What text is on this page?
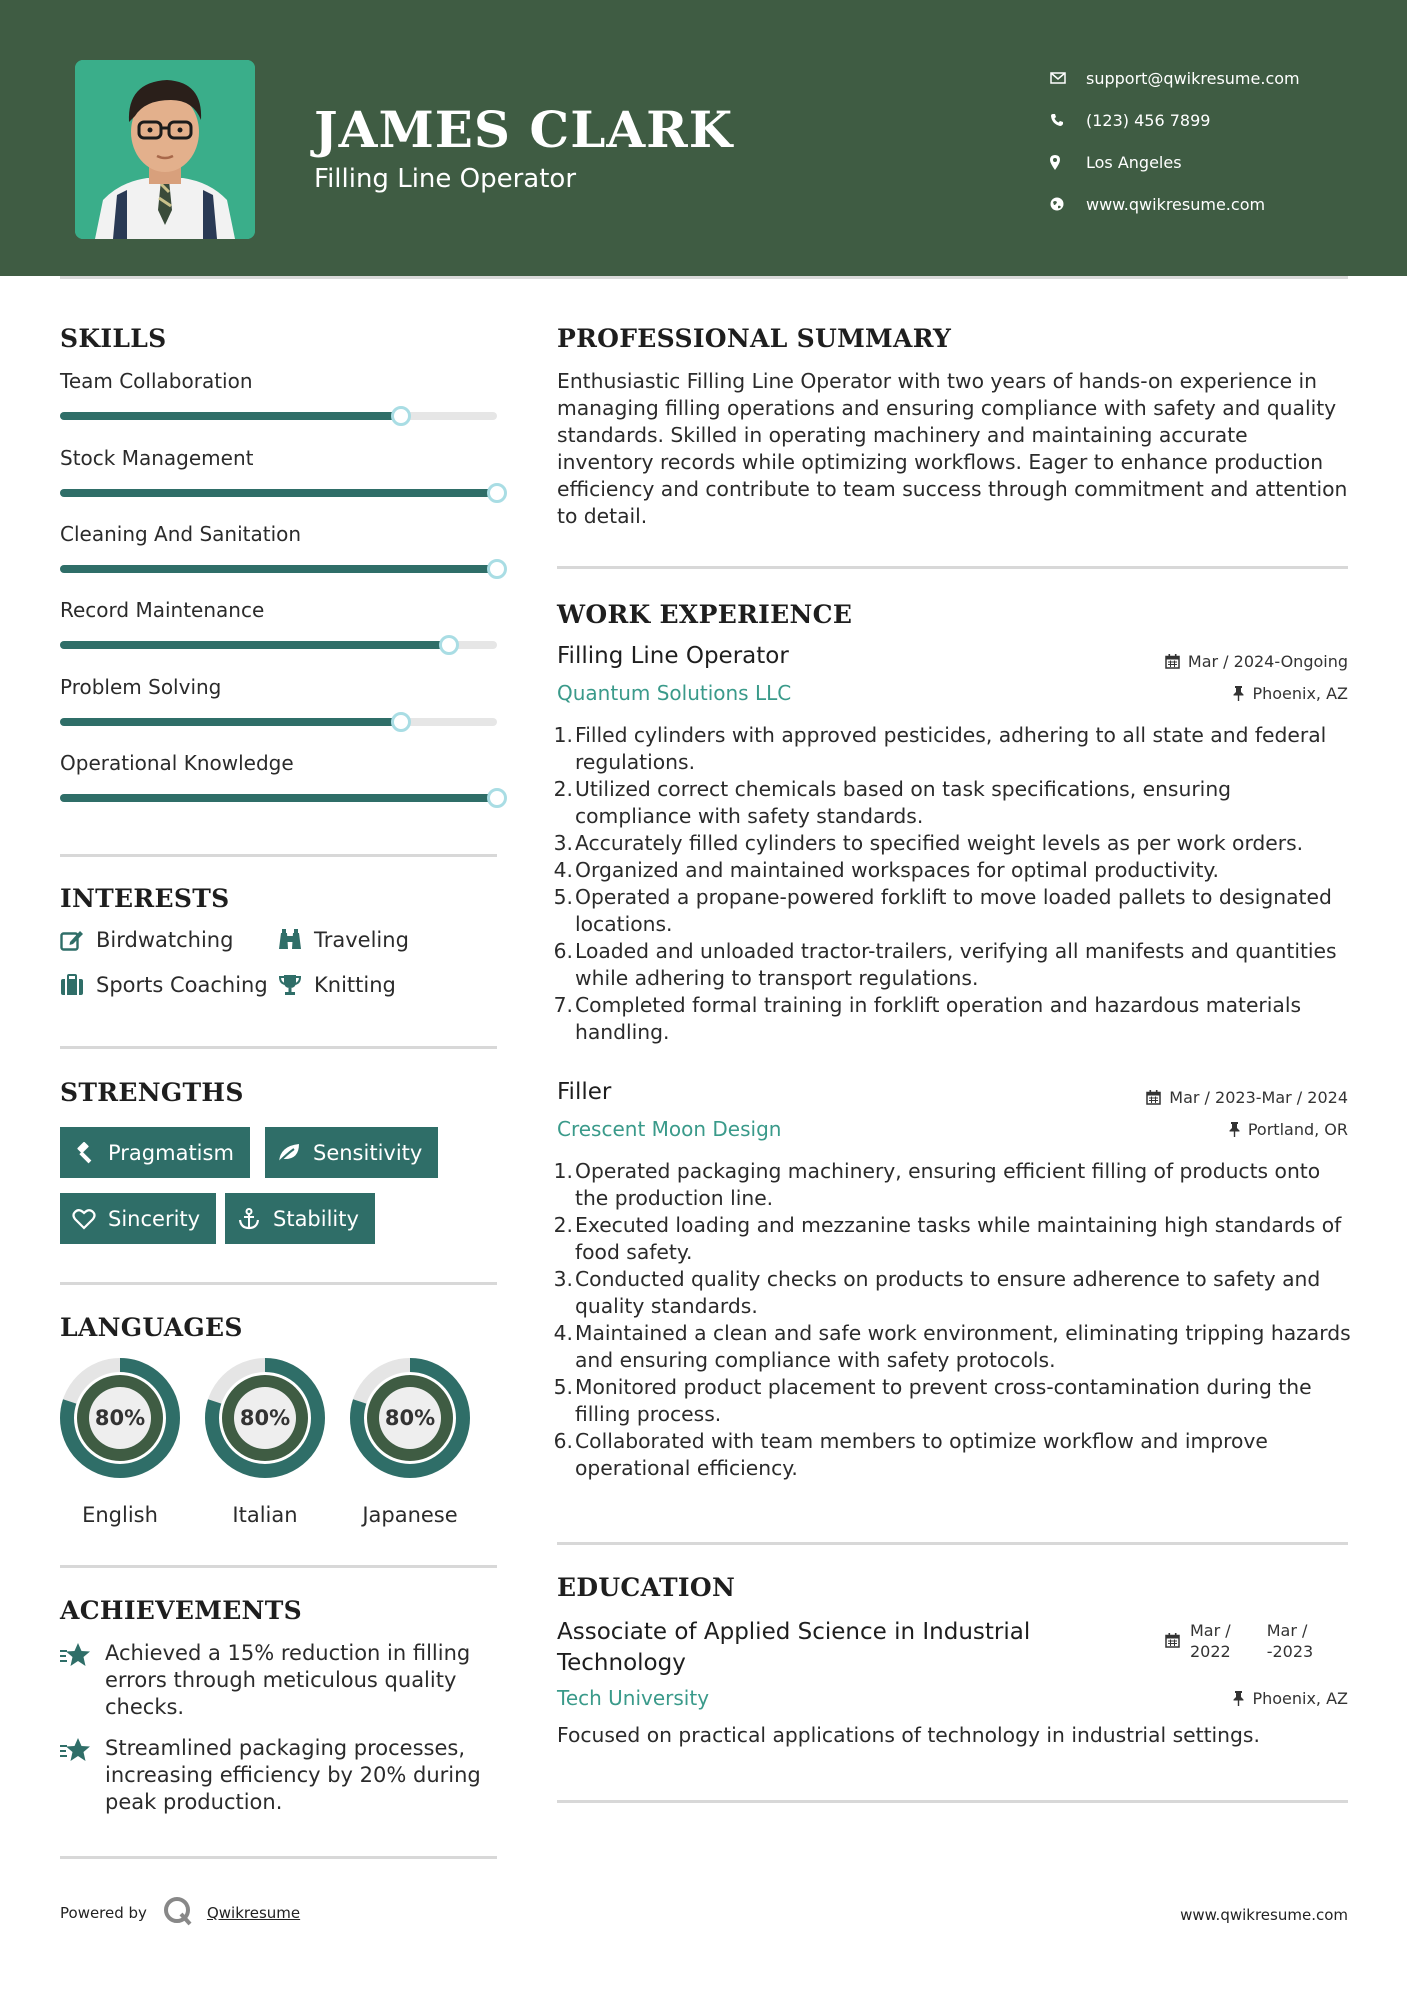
JAMES CLARK
Filling Line Operator
support@qwikresume.com
(123) 456 7899
Los Angeles
www.qwikresume.com
SKILLS
Team Collaboration
Stock Management
Cleaning And Sanitation
Record Maintenance
Problem Solving
Operational Knowledge
INTERESTS
Birdwatching	Traveling
Sports Coaching Knitting
STRENGTHS
Pragmatism	Sensitivity
Sincerity	Stability
LANGUAGES
80%
English
80%
Italian
80%
Japanese
ACHIEVEMENTS
Achieved a 15% reduction in filling errors through meticulous quality checks.
Streamlined packaging processes, increasing efficiency by 20% during peak production.
PROFESSIONAL SUMMARY
Enthusiastic Filling Line Operator with two years of hands-on experience in managing filling operations and ensuring compliance with safety and quality standards. Skilled in operating machinery and maintaining accurate inventory records while optimizing workflows. Eager to enhance production efficiency and contribute to team success through commitment and attention to detail.
WORK EXPERIENCE
Filling Line Operator	Mar / 2024-Ongoing
Quantum Solutions LLC	Phoenix, AZ
Filled cylinders with approved pesticides, adhering to all state and federal regulations.
Utilized correct chemicals based on task specifications, ensuring compliance with safety standards.
Accurately filled cylinders to specified weight levels as per work orders.
Organized and maintained workspaces for optimal productivity.
Operated a propane-powered forklift to move loaded pallets to designated locations.
Loaded and unloaded tractor-trailers, verifying all manifests and quantities while adhering to transport regulations.
Completed formal training in forklift operation and hazardous materials handling.
Filler	Mar / 2023-Mar / 2024
Crescent Moon Design	Portland, OR
Operated packaging machinery, ensuring efficient filling of products onto the production line.
Executed loading and mezzanine tasks while maintaining high standards of food safety.
Conducted quality checks on products to ensure adherence to safety and quality standards.
Maintained a clean and safe work environment, eliminating tripping hazards and ensuring compliance with safety protocols.
Monitored product placement to prevent cross-contamination during the filling process.
Collaborated with team members to optimize workflow and improve operational efficiency.
EDUCATION
Associate of Applied Science in Industrial
Technology
Mar /
2022
Mar /
-2023
Tech University	Phoenix, AZ
Focused on practical applications of technology in industrial settings.
Powered by	Qwikresume	www.qwikresume.com
